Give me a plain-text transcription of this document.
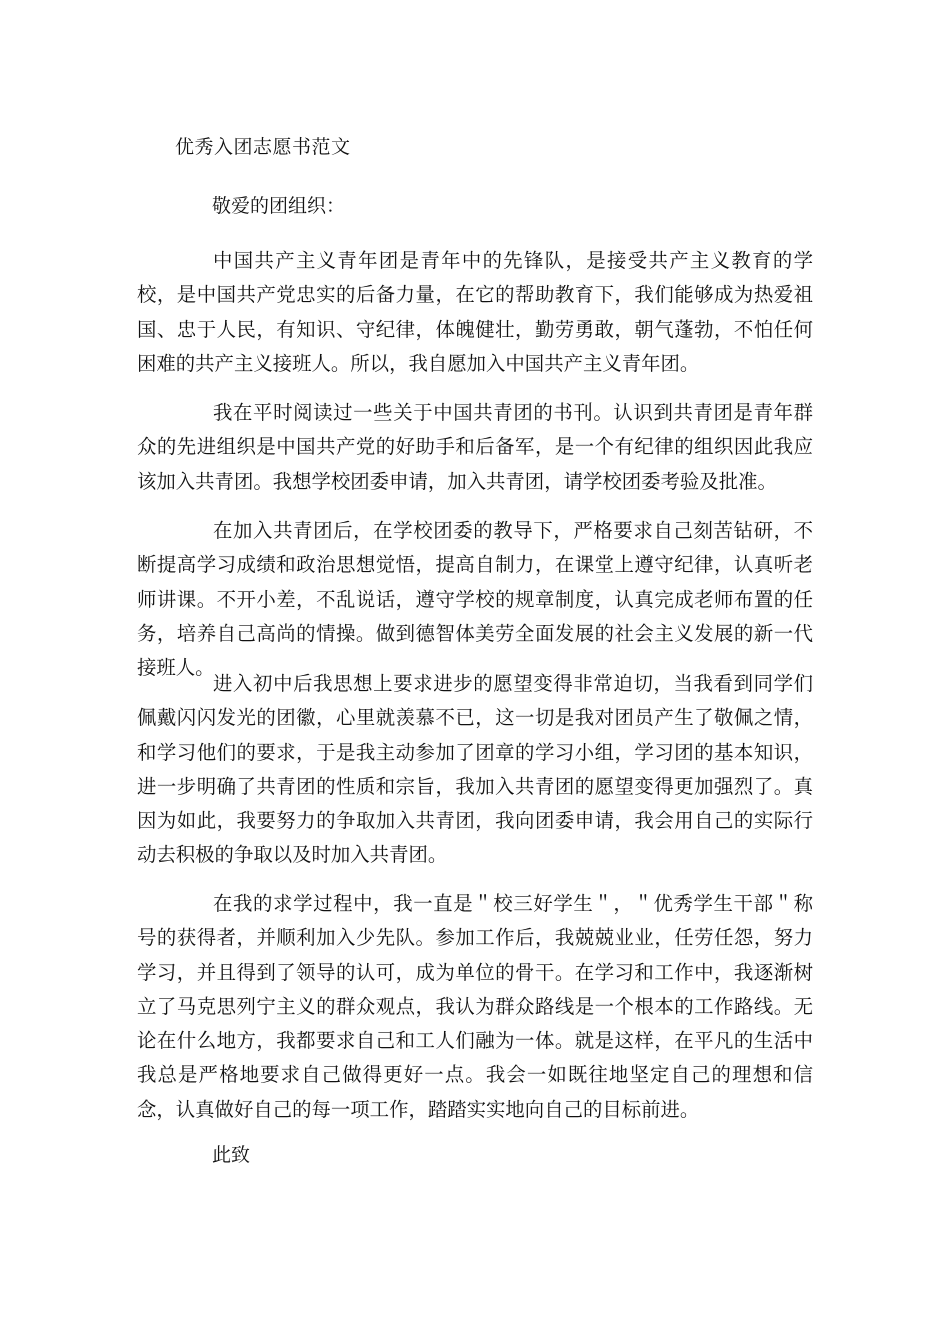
优秀入团志愿书范文
敬爱的团组织：

中国共产主义青年团是青年中的先锋队，是接受共产主义教育的学校，是中国共产党忠实的后备力量，在它的帮助教育下，我们能够成为热爱祖国、忠于人民，有知识、守纪律，体魄健壮，勤劳勇敢，朝气蓬勃，不怕任何困难的共产主义接班人。所以，我自愿加入中国共产主义青年团。

我在平时阅读过一些关于中国共青团的书刊。认识到共青团是青年群众的先进组织是中国共产党的好助手和后备军，是一个有纪律的组织因此我应该加入共青团。我想学校团委申请，加入共青团，请学校团委考验及批准。

在加入共青团后，在学校团委的教导下，严格要求自己刻苦钻研，不断提高学习成绩和政治思想觉悟，提高自制力，在课堂上遵守纪律，认真听老师讲课。不开小差，不乱说话，遵守学校的规章制度，认真完成老师布置的任务，培养自己高尚的情操。做到德智体美劳全面发展的社会主义发展的新一代接班人。

进入初中后我思想上要求进步的愿望变得非常迫切，当我看到同学们佩戴闪闪发光的团徽，心里就羡慕不已，这一切是我对团员产生了敬佩之情，和学习他们的要求，于是我主动参加了团章的学习小组，学习团的基本知识，进一步明确了共青团的性质和宗旨，我加入共青团的愿望变得更加强烈了。真因为如此，我要努力的争取加入共青团，我向团委申请，我会用自己的实际行动去积极的争取以及时加入共青团。

在我的求学过程中，我一直是＂校三好学生＂，＂优秀学生干部＂称号的获得者，并顺利加入少先队。参加工作后，我兢兢业业，任劳任怨，努力学习，并且得到了领导的认可，成为单位的骨干。在学习和工作中，我逐渐树立了马克思列宁主义的群众观点，我认为群众路线是一个根本的工作路线。无论在什么地方，我都要求自己和工人们融为一体。就是这样，在平凡的生活中我总是严格地要求自己做得更好一点。我会一如既往地坚定自己的理想和信念，认真做好自己的每一项工作，踏踏实实地向自己的目标前进。

此致
